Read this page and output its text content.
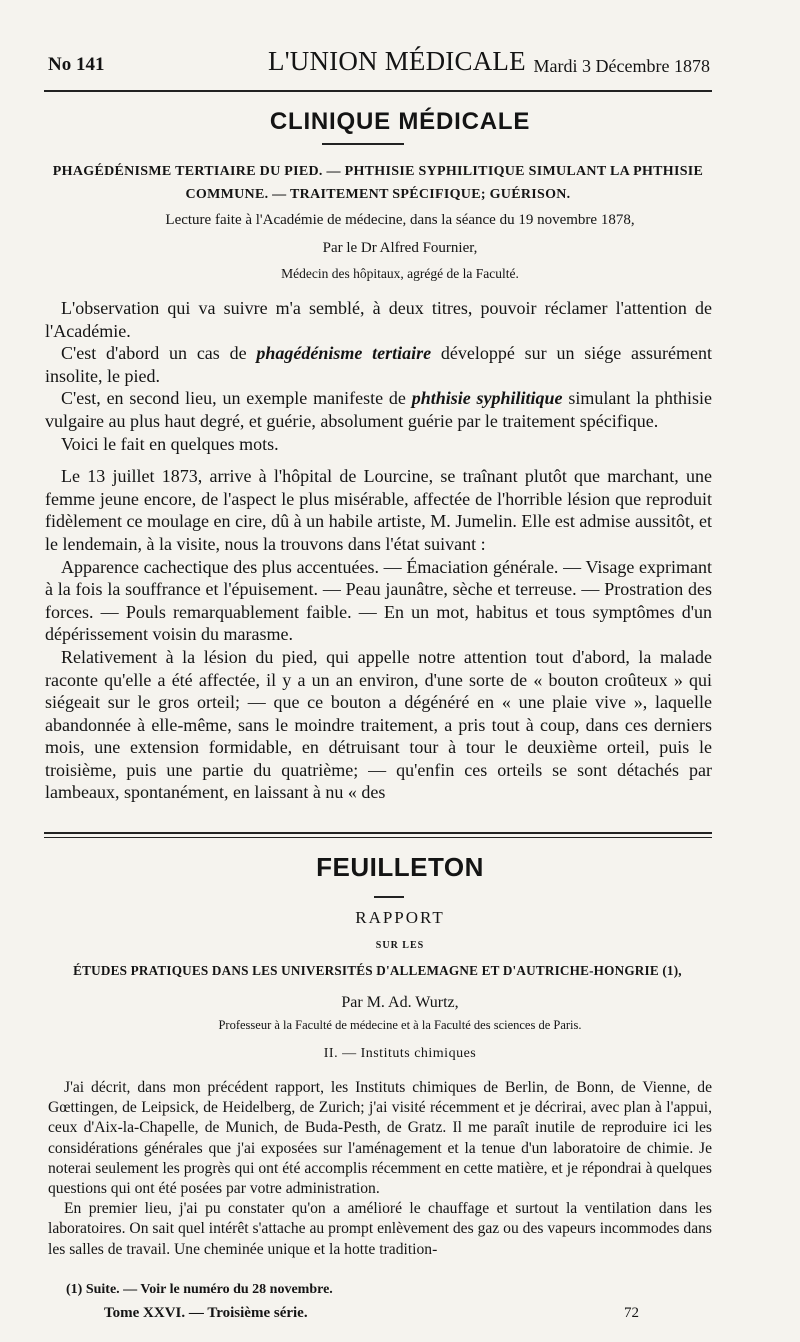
No 141	L'UNION MÉDICALE Mardi 3 Décembre 1878
CLINIQUE MÉDICALE
PHAGÉDÉNISME TERTIAIRE DU PIED. — PHTHISIE SYPHILITIQUE SIMULANT LA PHTHISIE COMMUNE. — TRAITEMENT SPÉCIFIQUE; GUÉRISON.
Lecture faite à l'Académie de médecine, dans la séance du 19 novembre 1878,
Par le Dr Alfred Fournier,
Médecin des hôpitaux, agrégé de la Faculté.

L'observation qui va suivre m'a semblé, à deux titres, pouvoir réclamer l'attention de l'Académie.

C'est d'abord un cas de phagédénisme tertiaire développé sur un siége assurément insolite, le pied.

C'est, en second lieu, un exemple manifeste de phthisie syphilitique simulant la phthisie vulgaire au plus haut degré, et guérie, absolument guérie par le traitement spécifique.

Voici le fait en quelques mots.

Le 13 juillet 1873, arrive à l'hôpital de Lourcine, se traînant plutôt que marchant, une femme jeune encore, de l'aspect le plus misérable, affectée de l'horrible lésion que reproduit fidèlement ce moulage en cire, dû à un habile artiste, M. Jumelin. Elle est admise aussitôt, et le lendemain, à la visite, nous la trouvons dans l'état suivant :

Apparence cachectique des plus accentuées. — Émaciation générale. — Visage exprimant à la fois la souffrance et l'épuisement. — Peau jaunâtre, sèche et terreuse. — Prostration des forces. — Pouls remarquablement faible. — En un mot, habitus et tous symptômes d'un dépérissement voisin du marasme.

Relativement à la lésion du pied, qui appelle notre attention tout d'abord, la malade raconte qu'elle a été affectée, il y a un an environ, d'une sorte de « bouton croûteux » qui siégeait sur le gros orteil; — que ce bouton a dégénéré en « une plaie vive », laquelle abandonnée à elle-même, sans le moindre traitement, a pris tout à coup, dans ces derniers mois, une extension formidable, en détruisant tour à tour le deuxième orteil, puis le troisième, puis une partie du quatrième; — qu'enfin ces orteils se sont détachés par lambeaux, spontanément, en laissant à nu « des

FEUILLETON
RAPPORT
SUR LES
ÉTUDES PRATIQUES DANS LES UNIVERSITÉS D'ALLEMAGNE ET D'AUTRICHE-HONGRIE (1),
Par M. Ad. Wurtz,
Professeur à la Faculté de médecine et à la Faculté des sciences de Paris.
II. — Instituts chimiques

J'ai décrit, dans mon précédent rapport, les Instituts chimiques de Berlin, de Bonn, de Vienne, de Gœttingen, de Leipsick, de Heidelberg, de Zurich; j'ai visité récemment et je décrirai, avec plan à l'appui, ceux d'Aix-la-Chapelle, de Munich, de Buda-Pesth, de Gratz. Il me paraît inutile de reproduire ici les considérations générales que j'ai exposées sur l'aménagement et la tenue d'un laboratoire de chimie. Je noterai seulement les progrès qui ont été accomplis récemment en cette matière, et je répondrai à quelques questions qui ont été posées par votre administration.

En premier lieu, j'ai pu constater qu'on a amélioré le chauffage et surtout la ventilation dans les laboratoires. On sait quel intérêt s'attache au prompt enlèvement des gaz ou des vapeurs incommodes dans les salles de travail. Une cheminée unique et la hotte tradition-

(1) Suite. — Voir le numéro du 28 novembre.
Tome XXVI. — Troisième série.	72
